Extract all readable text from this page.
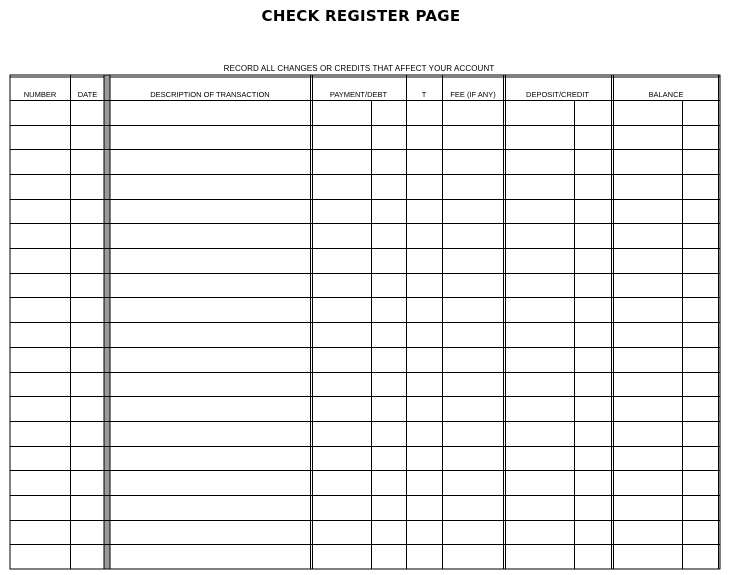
CHECK REGISTER PAGE
RECORD ALL CHANGES OR CREDITS THAT AFFECT YOUR ACCOUNT
NUMBER	DATE	DESCRIPTION OF TRANSACTION	PAYMENT/DEBT	T	FEE (IF ANY)	DEPOSIT/CREDIT	BALANCE
